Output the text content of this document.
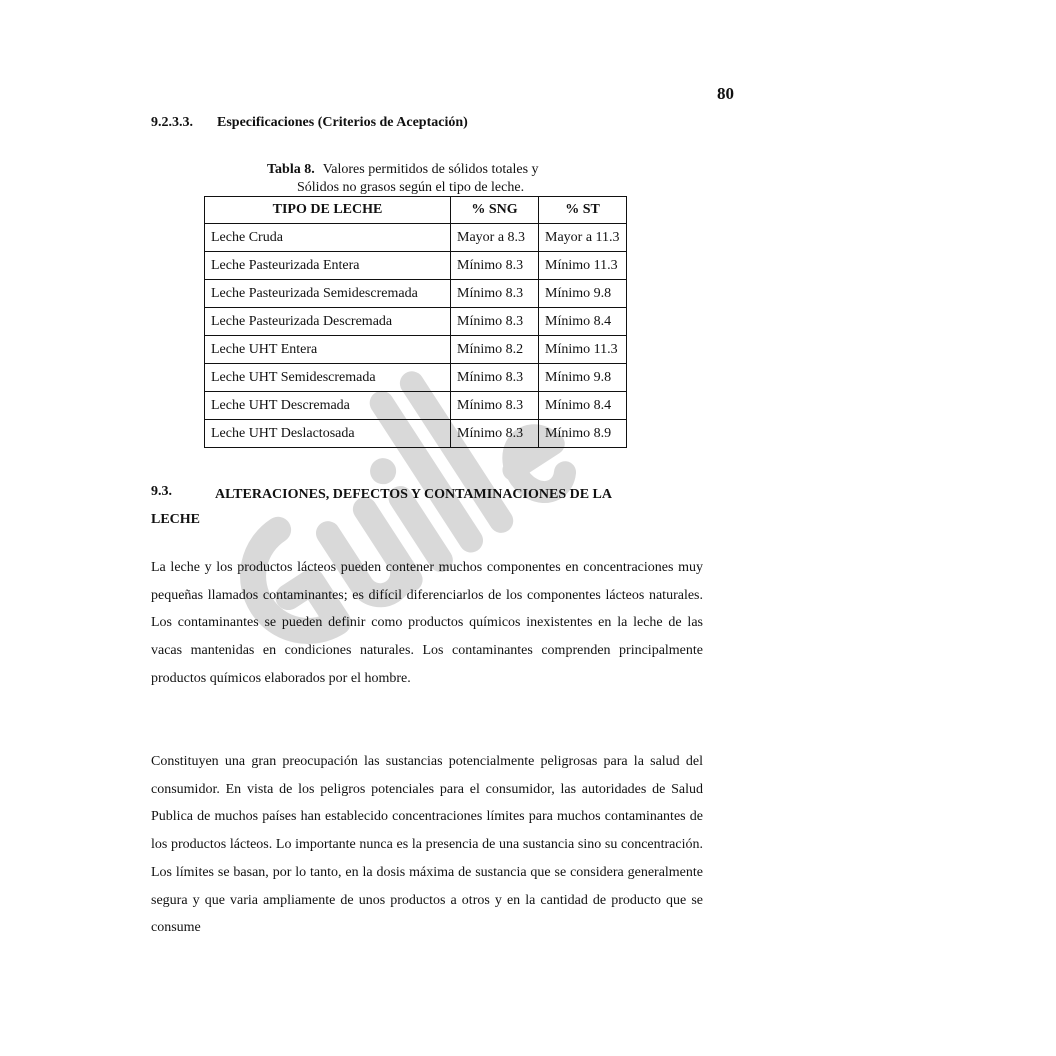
80
9.2.3.3. Especificaciones (Criterios de Aceptación)
Tabla 8. Valores permitidos de sólidos totales y
Sólidos no grasos según el tipo de leche.
TIPO DE LECHE	% SNG	% ST
Leche Cruda	Mayor a 8.3	Mayor a 11.3
Leche Pasteurizada Entera	Mínimo 8.3	Mínimo 11.3
Leche Pasteurizada Semidescremada	Mínimo 8.3	Mínimo 9.8
Leche Pasteurizada Descremada	Mínimo 8.3	Mínimo 8.4
Leche UHT Entera	Mínimo 8.2	Mínimo 11.3
Leche UHT Semidescremada	Mínimo 8.3	Mínimo 9.8
Leche UHT Descremada	Mínimo 8.3	Mínimo 8.4
Leche UHT Deslactosada	Mínimo 8.3	Mínimo 8.9
9.3.	ALTERACIONES, DEFECTOS Y CONTAMINACIONES DE LA
LECHE

La leche y los productos lácteos pueden contener muchos componentes en concentraciones muy pequeñas llamados contaminantes; es difícil diferenciarlos de los componentes lácteos naturales. Los contaminantes se pueden definir como productos químicos inexistentes en la leche de las vacas mantenidas en condiciones naturales. Los contaminantes comprenden principalmente productos químicos elaborados por el hombre.

Constituyen una gran preocupación las sustancias potencialmente peligrosas para la salud del consumidor. En vista de los peligros potenciales para el consumidor, las autoridades de Salud Publica de muchos países han establecido concentraciones límites para muchos contaminantes de los productos lácteos. Lo importante nunca es la presencia de una sustancia sino su concentración. Los límites se basan, por lo tanto, en la dosis máxima de sustancia que se considera generalmente segura y que varia ampliamente de unos productos a otros y en la cantidad de producto que se consume
